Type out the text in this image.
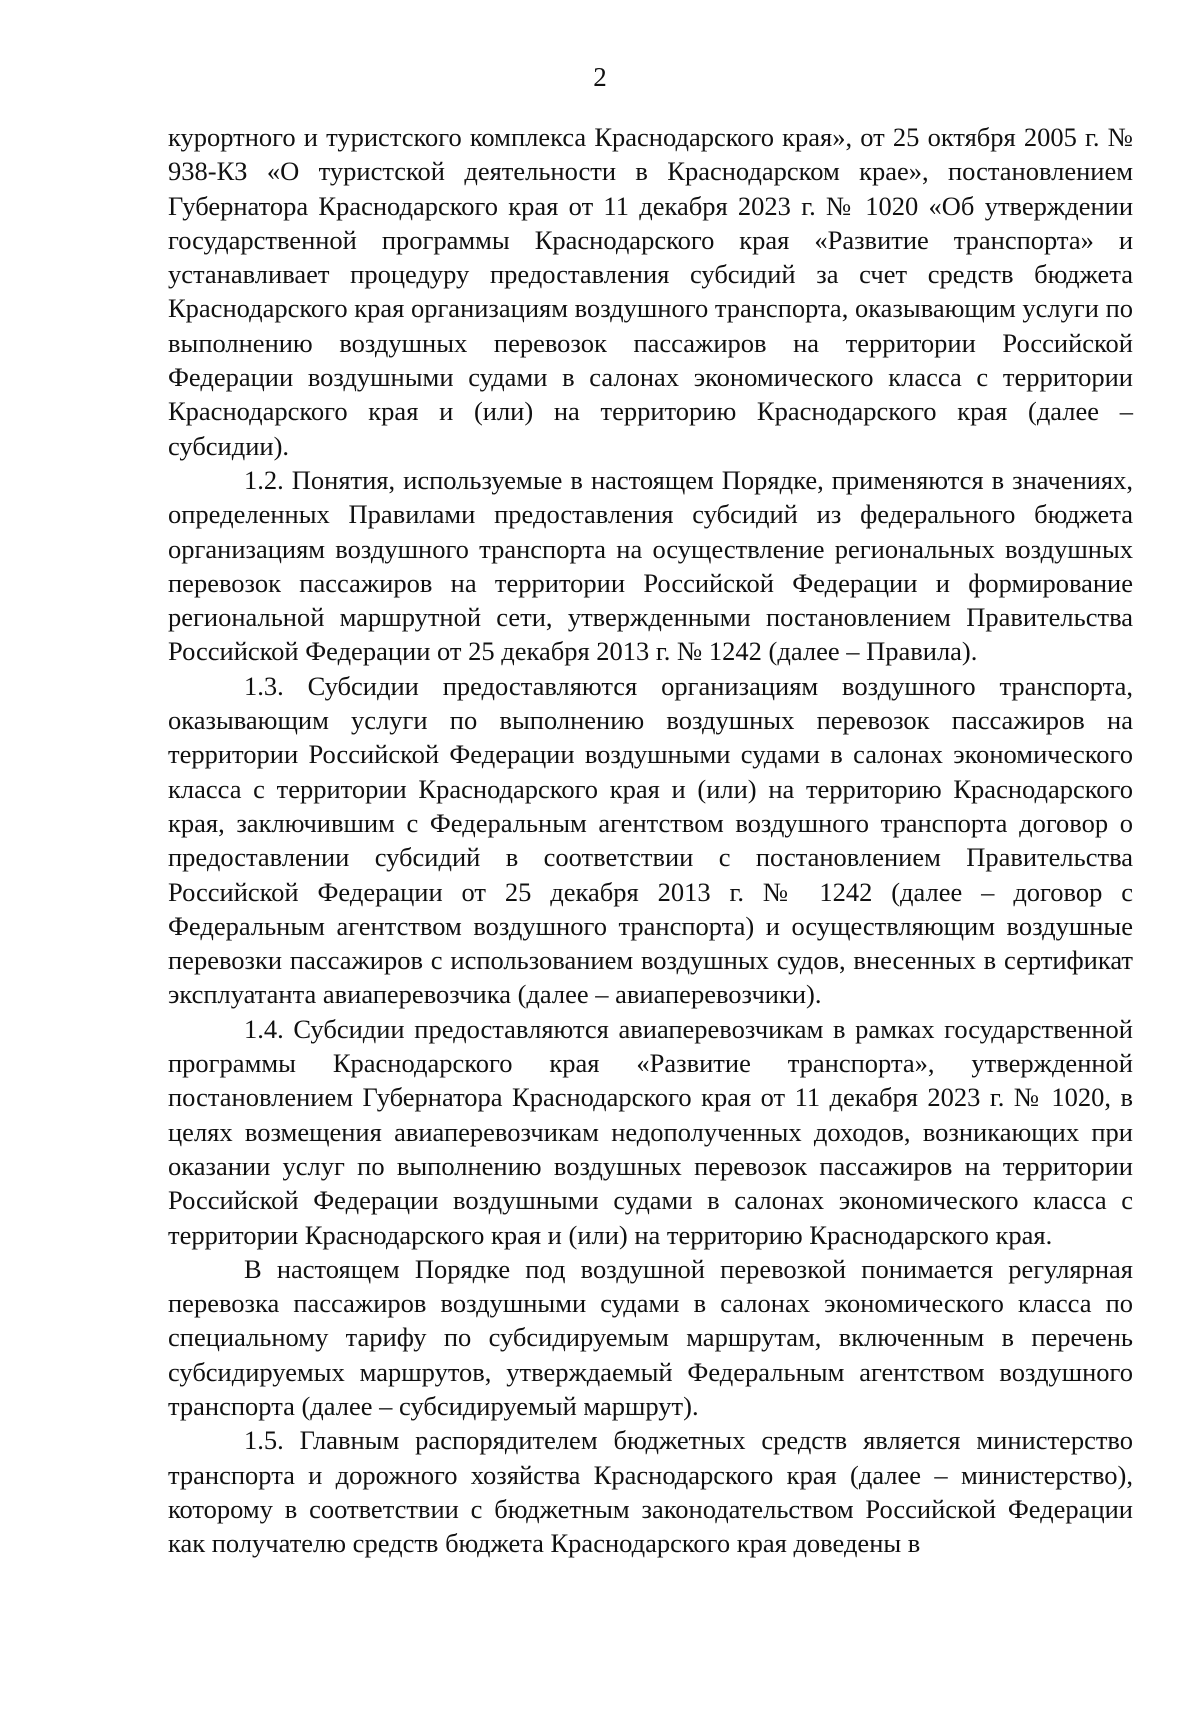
2

курортного и туристского комплекса Краснодарского края», от 25 октября 2005 г. № 938-КЗ «О туристской деятельности в Краснодарском крае», постановлением Губернатора Краснодарского края от 11 декабря 2023 г. № 1020 «Об утверждении государственной программы Краснодарского края «Развитие транспорта» и устанавливает процедуру предоставления субсидий за счет средств бюджета Краснодарского края организациям воздушного транспорта, оказывающим услуги по выполнению воздушных перевозок пассажиров на территории Российской Федерации воздушными судами в салонах экономического класса с территории Краснодарского края и (или) на территорию Краснодарского края (далее – субсидии).

1.2. Понятия, используемые в настоящем Порядке, применяются в значениях, определенных Правилами предоставления субсидий из федерального бюджета организациям воздушного транспорта на осуществление региональных воздушных перевозок пассажиров на территории Российской Федерации и формирование региональной маршрутной сети, утвержденными постановлением Правительства Российской Федерации от 25 декабря 2013 г. № 1242 (далее – Правила).

1.3. Субсидии предоставляются организациям воздушного транспорта, оказывающим услуги по выполнению воздушных перевозок пассажиров на территории Российской Федерации воздушными судами в салонах экономического класса с территории Краснодарского края и (или) на территорию Краснодарского края, заключившим с Федеральным агентством воздушного транспорта договор о предоставлении субсидий в соответствии с постановлением Правительства Российской Федерации от 25 декабря 2013 г. № 1242 (далее – договор с Федеральным агентством воздушного транспорта) и осуществляющим воздушные перевозки пассажиров с использованием воздушных судов, внесенных в сертификат эксплуатанта авиаперевозчика (далее – авиаперевозчики).

1.4. Субсидии предоставляются авиаперевозчикам в рамках государственной программы Краснодарского края «Развитие транспорта», утвержденной постановлением Губернатора Краснодарского края от 11 декабря 2023 г. № 1020, в целях возмещения авиаперевозчикам недополученных доходов, возникающих при оказании услуг по выполнению воздушных перевозок пассажиров на территории Российской Федерации воздушными судами в салонах экономического класса с территории Краснодарского края и (или) на территорию Краснодарского края.

В настоящем Порядке под воздушной перевозкой понимается регулярная перевозка пассажиров воздушными судами в салонах экономического класса по специальному тарифу по субсидируемым маршрутам, включенным в перечень субсидируемых маршрутов, утверждаемый Федеральным агентством воздушного транспорта (далее – субсидируемый маршрут).

1.5. Главным распорядителем бюджетных средств является министерство транспорта и дорожного хозяйства Краснодарского края (далее – министерство), которому в соответствии с бюджетным законодательством Российской Федерации как получателю средств бюджета Краснодарского края доведены в
